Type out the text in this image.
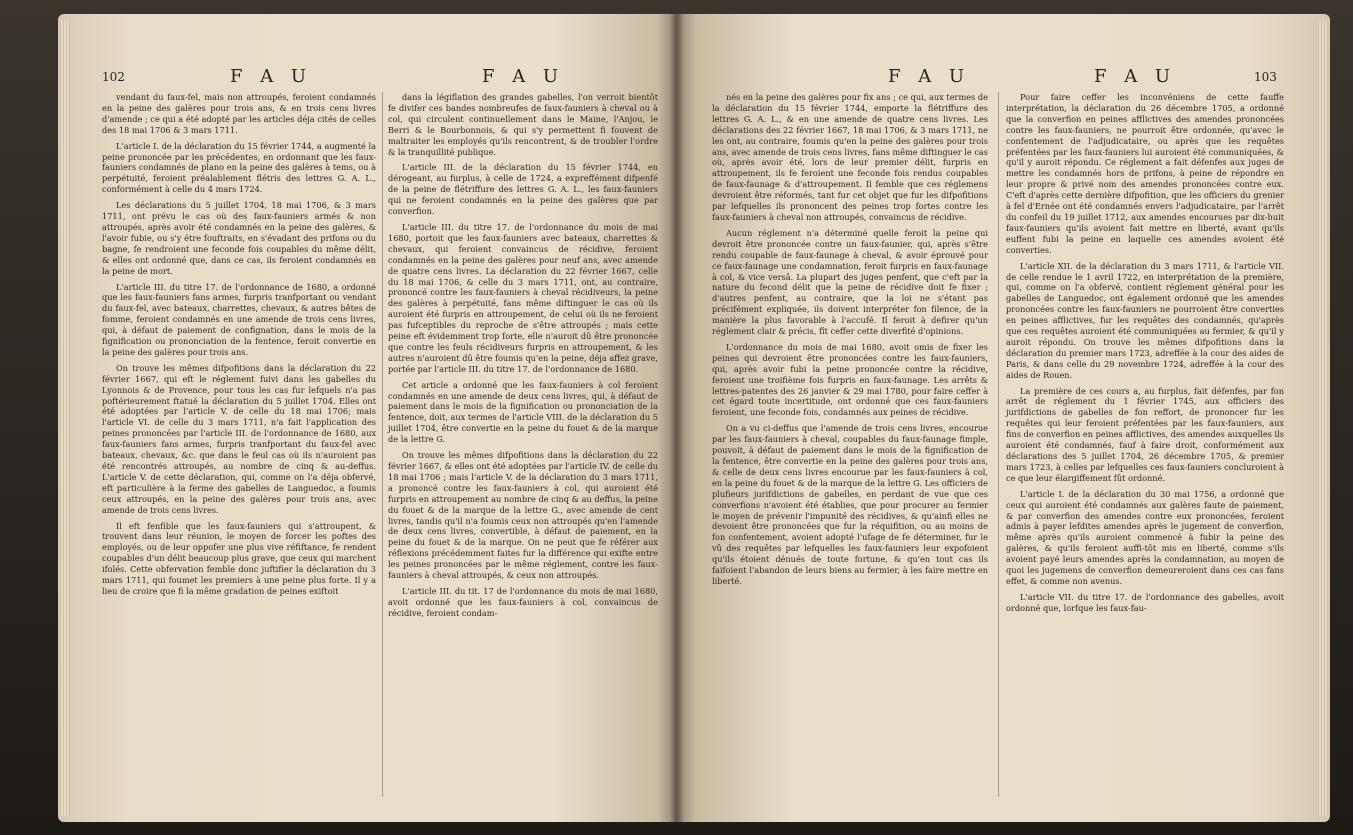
102	F A U	F A U

vendant du faux-fel, mais non attroupés, feroient condamnés en la peine des galères pour trois ans, & en trois cens livres d'amende ; ce qui a été adopté par les articles déja cités de celles des 18 mai 1706 & 3 mars 1711.

L'article I. de la déclaration du 15 février 1744, a augmenté la peine prononcée par les précédentes, en ordonnant que les faux-fauniers condamnés de plano en la peine des galères à tems, ou à perpétuité, feroient préalablement flétris des lettres G. A. L., conformément à celle du 4 mars 1724.

Les déclarations du 5 juillet 1704, 18 mai 1706, & 3 mars 1711, ont prévu le cas où des faux-fauniers armés & non attroupés, après avoir été condamnés en la peine des galères, & l'avoir fubie, ou s'y étre fouftraits, en s'évadant des prifons ou du bagne, fe rendroient une feconde fois coupables du même délit, & elles ont ordonné que, dans ce cas, ils feroient condamnés en la peine de mort.

L'article III. du titre 17. de l'ordonnance de 1680, a ordonné que les faux-fauniers fans armes, furpris tranfportant ou vendant du faux-fel, avec bateaux, charrettes, chevaux, & autres bêtes de fomme, feroient condamnés en une amende de trois cens livres, qui, à défaut de paiement de confignation, dans le mois de la fignification ou prononciation de la fentence, feroit convertie en la peine des galères pour trois ans.

On trouve les mêmes difpofitions dans la déclaration du 22 février 1667, qui eft le réglement fuivi dans les gabelles du Lyonnois & de Provence, pour tous les cas fur lefquels n'a pas poftérieurement ftatué la déclaration du 5 juillet 1704. Elles ont été adoptées par l'article V. de celle du 18 mai 1706; mais l'article VI. de celle du 3 mars 1711, n'a fait l'application des peines prononcées par l'article III. de l'ordonnance de 1680, aux faux-fauniers fans armes, furpris tranfportant du faux-fel avec bateaux, chevaux, &c. que dans le feul cas où ils n'auroient pas été rencontrés attroupés, au nombre de cinq & au-deffus. L'article V. de cette déclaration, qui, comme on l'a déja obfervé, eft particulière à la ferme des gabelles de Languedoc, a foumis ceux attroupés, en la peine des galères pour trois ans, avec amende de trois cens livres.

Il eft fenfible que les faux-fauniers qui s'attroupent, & trouvent dans leur réunion, le moyen de forcer les poftes des employés, ou de leur oppofer une plus vive réfiftance, fe rendent coupables d'un délit beaucoup plus grave, que ceux qui marchent ifolés. Cette obfervation femble donc juftifier la déclaration du 3 mars 1711, qui foumet les premiers à une peine plus forte. Il y a lieu de croire que fi la même gradation de peines exiftoit

dans la légiflation des grandes gabelles, l'on verroit bientôt fe divifer ces bandes nombreufes de faux-fauniers à cheval ou à col, qui circulent continuellement dans le Maine, l'Anjou, le Berri & le Bourbonnois, & qui s'y permettent fi fouvent de maltraiter les employés qu'ils rencontrent, & de troubler l'ordre & la tranquillité publique.

L'article III. de la déclaration du 15 février 1744, en dérogeant, au furplus, à celle de 1724, a expreffément difpenfé de la peine de flétriffure des lettres G. A. L., les faux-fauniers qui ne feroient condamnés en la peine des galères que par converfion.

L'article III. du titre 17. de l'ordonnance du mois de mai 1680, portoit que les faux-fauniers avec bateaux, charrettes & chevaux, qui feroient convaincus de récidive, feroient condamnés en la peine des galères pour neuf ans, avec amende de quatre cens livres. La déclaration du 22 février 1667, celle du 18 mai 1706, & celle du 3 mars 1711, ont, au contraire, prononcé contre les faux-fauniers à cheval récidiveurs, la peine des galères à perpétuité, fans même diftinguer le cas où ils auroient été furpris en attroupement, de celui où ils ne feroient pas fufceptibles du reproche de s'être attroupés ; mais cette peine eft évidemment trop forte, elle n'auroit dû être prononcée que contre les feuls récidiveurs furpris en attroupement, & les autres n'auroient dû être foumis qu'en la peine, déja affez grave, portée par l'article III. du titre 17. de l'ordonnance de 1680.

Cet article a ordonné que les faux-fauniers à col feroient condamnés en une amende de deux cens livres, qui, à défaut de paiement dans le mois de la fignification ou prononciation de la fentence, doit, aux termes de l'article VIII. de la déclaration du 5 juillet 1704, être convertie en la peine du fouet & de la marque de la lettre G.

On trouve les mêmes difpofitions dans la déclaration du 22 février 1667, & elles ont été adoptées par l'article IV. de celle du 18 mai 1706 ; mais l'article V. de la déclaration du 3 mars 1711, a prononcé contre les faux-fauniers à col, qui auroient été furpris en attroupement au nombre de cinq & au deffus, la peine du fouet & de la marque de la lettre G., avec amende de cent livres, tandis qu'il n'a foumis ceux non attroupés qu'en l'amende de deux cens livres, convertible, à défaut de paiement, en la peine du fouet & de la marque. On ne peut que fe référer aux réflexions précédemment faites fur la différence qui exifte entre les peines prononcées par le même réglement, contre les faux-fauniers à cheval attroupés, & ceux non attroupés.

L'article III. du tit. 17 de l'ordonnance du mois de mai 1680, avoit ordonné que les faux-fauniers à col, convaincus de récidive, feroient condam-

F A U	F A U	103

nés en la peine des galères pour fix ans ; ce qui, aux termes de la déclaration du 15 février 1744, emporte la flétriffure des lettres G. A. L., & en une amende de quatre cens livres. Les déclarations des 22 février 1667, 18 mai 1706, & 3 mars 1711, ne les ont, au contraire, foumis qu'en la peine des galères pour trois ans, avec amende de trois cens livres, fans même diftinguer le cas où, après avoir été, lors de leur premier délit, furpris en attroupement, ils fe feroient une feconde fois rendus coupables de faux-faunage & d'attroupement. Il femble que ces réglemens devroient être réformés, tant fur cet objet que fur les difpofitions par lefquelles ils prononcent des peines trop fortes contre les faux-fauniers à cheval non attroupés, convaincus de récidive.

Aucun réglement n'a déterminé quelle feroit la peine qui devroit être prononcée contre un faux-faunier, qui, après s'être rendu coupable de faux-faunage à cheval, & avoir éprouvé pour ce faux-faunage une condamnation, feroit furpris en faux-faunage à col, & vice versâ. La plupart des juges penfent, que c'eft par la nature du fecond délit que la peine de récidive doit fe fixer ; d'autres penfent, au contraire, que la loi ne s'étant pas précifément expliquée, ils doivent interpréter fon filence, de la manière la plus favorable à l'accufé. Il feroit à defirer qu'un réglement clair & précis, fît ceffer cette diverfité d'opinions.

L'ordonnance du mois de mai 1680, avoit omis de fixer les peines qui devroient être prononcées contre les faux-fauniers, qui, après avoir fubi la peine prononcée contre la récidive, feroient une troifième fois furpris en faux-faunage. Les arrêts & lettres-patentes des 26 janvier & 29 mai 1780, pour faire ceffer à cet égard toute incertitude, ont ordonné que ces faux-fauniers feroient, une feconde fois, condamnés aux peines de récidive.

On a vu ci-deffus que l'amende de trois cens livres, encourue par les faux-fauniers à cheval, coupables du faux-faunage fimple, pouvoit, à défaut de paiement dans le mois de la fignification de la fentence, être convertie en la peine des galères pour trois ans, & celle de deux cens livres encourue par les faux-fauniers à col, en la peine du fouet & de la marque de la lettre G. Les officiers de plufieurs jurifdictions de gabelles, en perdant de vue que ces converfions n'avoient été établies, que pour procurer au fermier le moyen de prévenir l'impunité des récidives, & qu'ainfi elles ne devoient être prononcées que fur la réquifition, ou au moins de fon confentement, avoient adopté l'ufage de fe déterminer, fur le vû des requêtes par lefquelles les faux-fauniers leur expofoient qu'ils étoient dénués de toute fortune, & qu'en tout cas ils faifoient l'abandon de leurs biens au fermier, à les faire mettre en liberté.

Pour faire ceffer les inconvéniens de cette fauffe interprétation, la déclaration du 26 décembre 1705, a ordonné que la converfion en peines afflictives des amendes prononcées contre les faux-fauniers, ne pourroit être ordonnée, qu'avec le confentement de l'adjudicataire, ou après que les requêtes préfentées par les faux-fauniers lui auroient été communiquées, & qu'il y auroit répondu. Ce réglement a fait défenfes aux juges de mettre les condamnés hors de prifons, à peine de répondre en leur propre & privé nom des amendes prononcées contre eux. C'eft d'après cette dernière difpofition, que les officiers du grenier à fel d'Ernée ont été condamnés envers l'adjudicataire, par l'arrêt du confeil du 19 juillet 1712, aux amendes encourues par dix-huit faux-fauniers qu'ils avoient fait mettre en liberté, avant qu'ils euffent fubi la peine en laquelle ces amendes avoient été converties.

L'article XII. de la déclaration du 3 mars 1711, & l'article VII. de celle rendue le 1 avril 1722, en interprétation de la première, qui, comme on l'a obfervé, contient réglement général pour les gabelles de Languedoc, ont également ordonné que les amendes prononcées contre les faux-fauniers ne pourroient être converties en peines afflictives, fur les requêtes des condamnés, qu'après que ces requêtes auroient été communiquées au fermier, & qu'il y auroit répondu. On trouve les mêmes difpofitions dans la déclaration du premier mars 1723, adreffée à la cour des aides de Paris, & dans celle du 29 novembre 1724, adreffée à la cour des aides de Rouen.

La première de ces cours a, au furplus, fait défenfes, par fon arrêt de réglement du 1 février 1745, aux officiers des jurifdictions de gabelles de fon reffort, de prononcer fur les requêtes qui leur feroient préfentées par les faux-fauniers, aux fins de converfion en peines afflictives, des amendes auxquelles ils auroient été condamnés, fauf à faire droit, conformément aux déclarations des 5 juillet 1704, 26 décembre 1705, & premier mars 1723, à celles par lefquelles ces faux-fauniers concluroient à ce que leur élargiffement fût ordonné.

L'article I. de la déclaration du 30 mai 1756, a ordonné que ceux qui auroient été condamnés aux galères faute de paiement, & par converfion des amendes contre eux prononcées, feroient admis à payer lefdites amendes après le jugement de converfion, même après qu'ils auroient commencé à fubir la peine des galères, & qu'ils feroient auffi-tôt mis en liberté, comme s'ils avoient payé leurs amendes après la condamnation, au moyen de quoi les jugemens de converfion demeureroient dans ces cas fans effet, & comme non avenus.

L'article VII. du titre 17. de l'ordonnance des gabelles, avoit ordonné que, lorfque les faux-fau-
